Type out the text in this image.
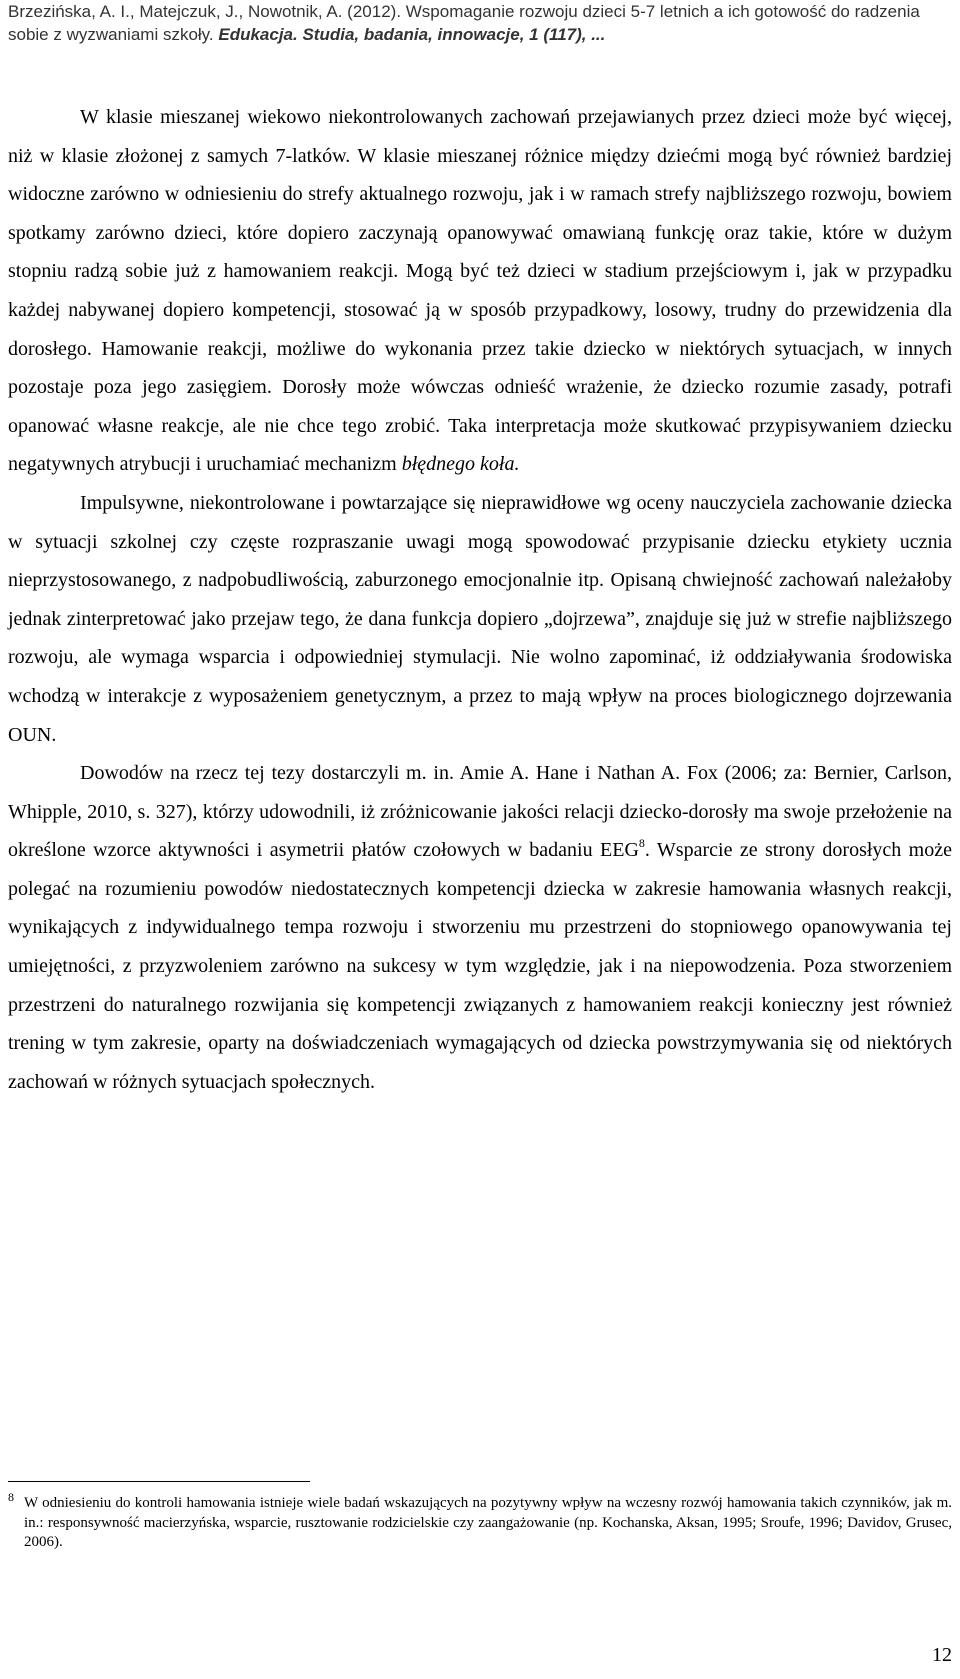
Brzezińska, A. I., Matejczuk, J., Nowotnik, A. (2012). Wspomaganie rozwoju dzieci 5-7 letnich a ich gotowość do radzenia
sobie z wyzwaniami szkoły. Edukacja. Studia, badania, innowacje, 1 (117), ...

W klasie mieszanej wiekowo niekontrolowanych zachowań przejawianych przez dzieci może być więcej, niż w klasie złożonej z samych 7-latków. W klasie mieszanej różnice między dziećmi mogą być również bardziej widoczne zarówno w odniesieniu do strefy aktualnego rozwoju, jak i w ramach strefy najbliższego rozwoju, bowiem spotkamy zarówno dzieci, które dopiero zaczynają opanowywać omawianą funkcję oraz takie, które w dużym stopniu radzą sobie już z hamowaniem reakcji. Mogą być też dzieci w stadium przejściowym i, jak w przypadku każdej nabywanej dopiero kompetencji, stosować ją w sposób przypadkowy, losowy, trudny do przewidzenia dla dorosłego. Hamowanie reakcji, możliwe do wykonania przez takie dziecko w niektórych sytuacjach, w innych pozostaje poza jego zasięgiem. Dorosły może wówczas odnieść wrażenie, że dziecko rozumie zasady, potrafi opanować własne reakcje, ale nie chce tego zrobić. Taka interpretacja może skutkować przypisywaniem dziecku negatywnych atrybucji i uruchamiać mechanizm błędnego koła.

Impulsywne, niekontrolowane i powtarzające się nieprawidłowe wg oceny nauczyciela zachowanie dziecka w sytuacji szkolnej czy częste rozpraszanie uwagi mogą spowodować przypisanie dziecku etykiety ucznia nieprzystosowanego, z nadpobudliwością, zaburzonego emocjonalnie itp. Opisaną chwiejność zachowań należałoby jednak zinterpretować jako przejaw tego, że dana funkcja dopiero „dojrzewa”, znajduje się już w strefie najbliższego rozwoju, ale wymaga wsparcia i odpowiedniej stymulacji. Nie wolno zapominać, iż oddziaływania środowiska wchodzą w interakcje z wyposażeniem genetycznym, a przez to mają wpływ na proces biologicznego dojrzewania OUN.

Dowodów na rzecz tej tezy dostarczyli m. in. Amie A. Hane i Nathan A. Fox (2006; za: Bernier, Carlson, Whipple, 2010, s. 327), którzy udowodnili, iż zróżnicowanie jakości relacji dziecko-dorosły ma swoje przełożenie na określone wzorce aktywności i asymetrii płatów czołowych w badaniu EEG$^8$. Wsparcie ze strony dorosłych może polegać na rozumieniu powodów niedostatecznych kompetencji dziecka w zakresie hamowania własnych reakcji, wynikających z indywidualnego tempa rozwoju i stworzeniu mu przestrzeni do stopniowego opanowywania tej umiejętności, z przyzwoleniem zarówno na sukcesy w tym względzie, jak i na niepowodzenia. Poza stworzeniem przestrzeni do naturalnego rozwijania się kompetencji związanych z hamowaniem reakcji konieczny jest również trening w tym zakresie, oparty na doświadczeniach wymagających od dziecka powstrzymywania się od niektórych zachowań w różnych sytuacjach społecznych.

8 W odniesieniu do kontroli hamowania istnieje wiele badań wskazujących na pozytywny wpływ na wczesny rozwój hamowania takich czynników, jak m. in.: responsywność macierzyńska, wsparcie, rusztowanie rodzicielskie czy zaangażowanie (np. Kochanska, Aksan, 1995; Sroufe, 1996; Davidov, Grusec, 2006).
12
